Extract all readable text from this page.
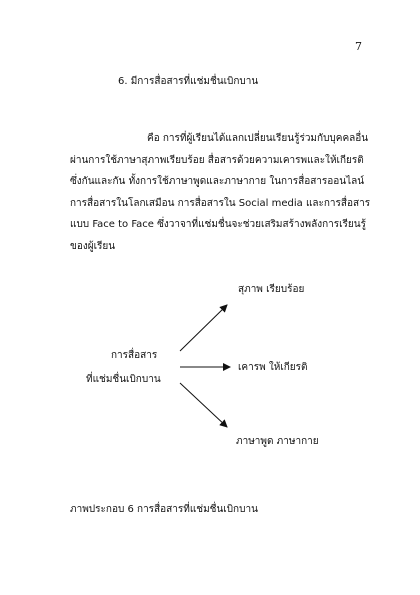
7
6. มีการสื่อสารที่แช่มชื่นเบิกบาน
คือ การที่ผู้เรียนได้แลกเปลี่ยนเรียนรู้ร่วมกับบุคคลอื่น
ผ่านการใช้ภาษาสุภาพเรียบร้อย สื่อสารด้วยความเคารพและให้เกียรติ
ซึ่งกันและกัน ทั้งการใช้ภาษาพูดและภาษากาย ในการสื่อสารออนไลน์
การสื่อสารในโลกเสมือน การสื่อสารใน Social media และการสื่อสาร
แบบ Face to Face ซึ่งวาจาที่แช่มชื่นจะช่วยเสริมสร้างพลังการเรียนรู้
ของผู้เรียน
การสื่อสาร
ที่แช่มชื่นเบิกบาน
สุภาพ เรียบร้อย
เคารพ ให้เกียรติ
ภาษาพูด ภาษากาย
ภาพประกอบ 6 การสื่อสารที่แช่มชื่นเบิกบาน
